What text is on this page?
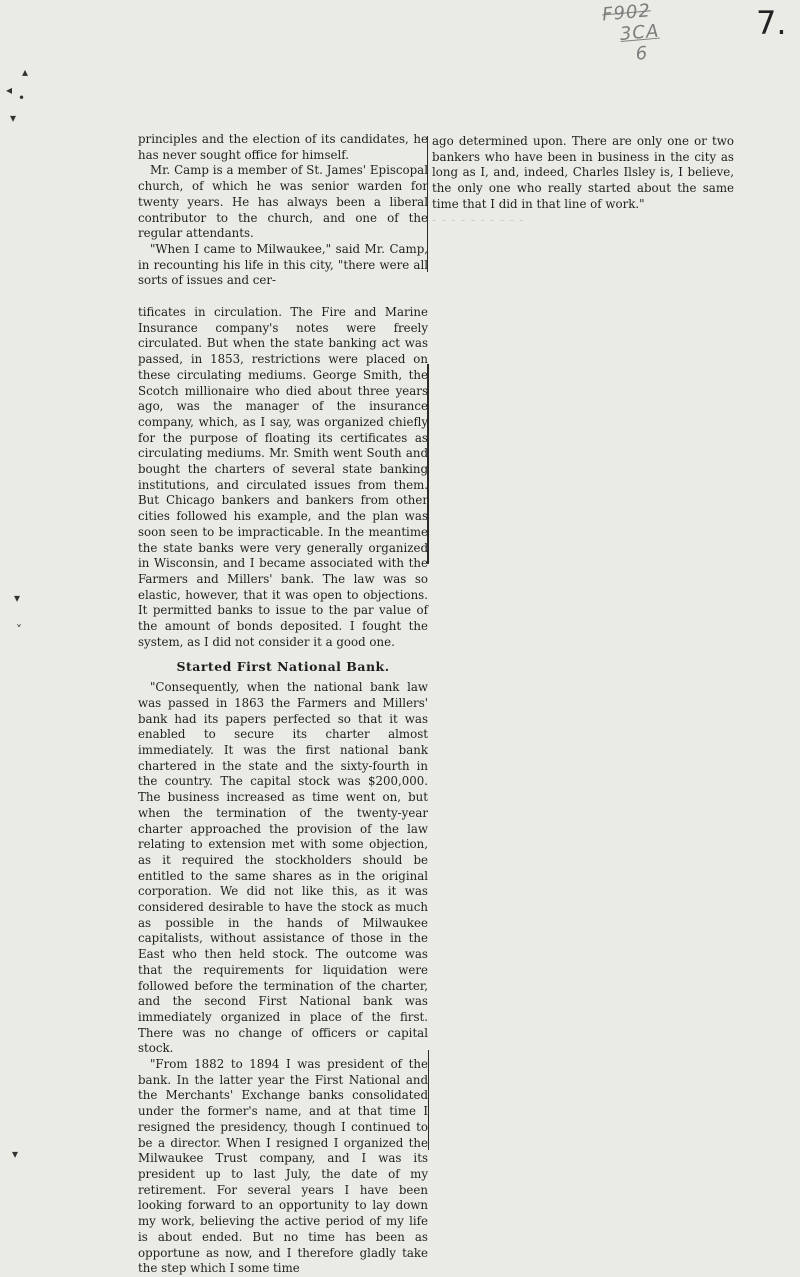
F902
3CA
6
7.
▴
◂
•
▾
▾
˅
▾

principles and the election of its candidates, he has never sought office for himself.

Mr. Camp is a member of St. James' Episcopal church, of which he was senior warden for twenty years. He has always been a liberal contributor to the church, and one of the regular attendants.

"When I came to Milwaukee," said Mr. Camp, in recounting his life in this city, "there were all sorts of issues and cer-

tificates in circulation. The Fire and Marine Insurance company's notes were freely circulated. But when the state banking act was passed, in 1853, restrictions were placed on these circulating mediums. George Smith, the Scotch millionaire who died about three years ago, was the manager of the insurance company, which, as I say, was organized chiefly for the purpose of floating its certificates as circulating mediums. Mr. Smith went South and bought the charters of several state banking institutions, and circulated issues from them. But Chicago bankers and bankers from other cities followed his example, and the plan was soon seen to be impracticable. In the meantime the state banks were very generally organized in Wisconsin, and I became associated with the Farmers and Millers' bank. The law was so elastic, however, that it was open to objections. It permitted banks to issue to the par value of the amount of bonds deposited. I fought the system, as I did not consider it a good one.

Started First National Bank.

"Consequently, when the national bank law was passed in 1863 the Farmers and Millers' bank had its papers perfected so that it was enabled to secure its charter almost immediately. It was the first national bank chartered in the state and the sixty-fourth in the country. The capital stock was $200,000. The business increased as time went on, but when the termination of the twenty-year charter approached the provision of the law relating to extension met with some objection, as it required the stockholders should be entitled to the same shares as in the original corporation. We did not like this, as it was considered desirable to have the stock as much as possible in the hands of Milwaukee capitalists, without assistance of those in the East who then held stock. The outcome was that the requirements for liquidation were followed before the termination of the charter, and the second First National bank was immediately organized in place of the first. There was no change of officers or capital stock.

"From 1882 to 1894 I was president of the bank. In the latter year the First National and the Merchants' Exchange banks consolidated under the former's name, and at that time I resigned the presidency, though I continued to be a director. When I resigned I organized the Milwaukee Trust company, and I was its president up to last July, the date of my retirement. For several years I have been looking forward to an opportunity to lay down my work, believing the active period of my life is about ended. But no time has been as opportune as now, and I therefore gladly take the step which I some time

ago determined upon. There are only one or two bankers who have been in business in the city as long as I, and, indeed, Charles Ilsley is, I believe, the only one who really started about the same time that I did in that line of work."

- - - - - - - - - -
